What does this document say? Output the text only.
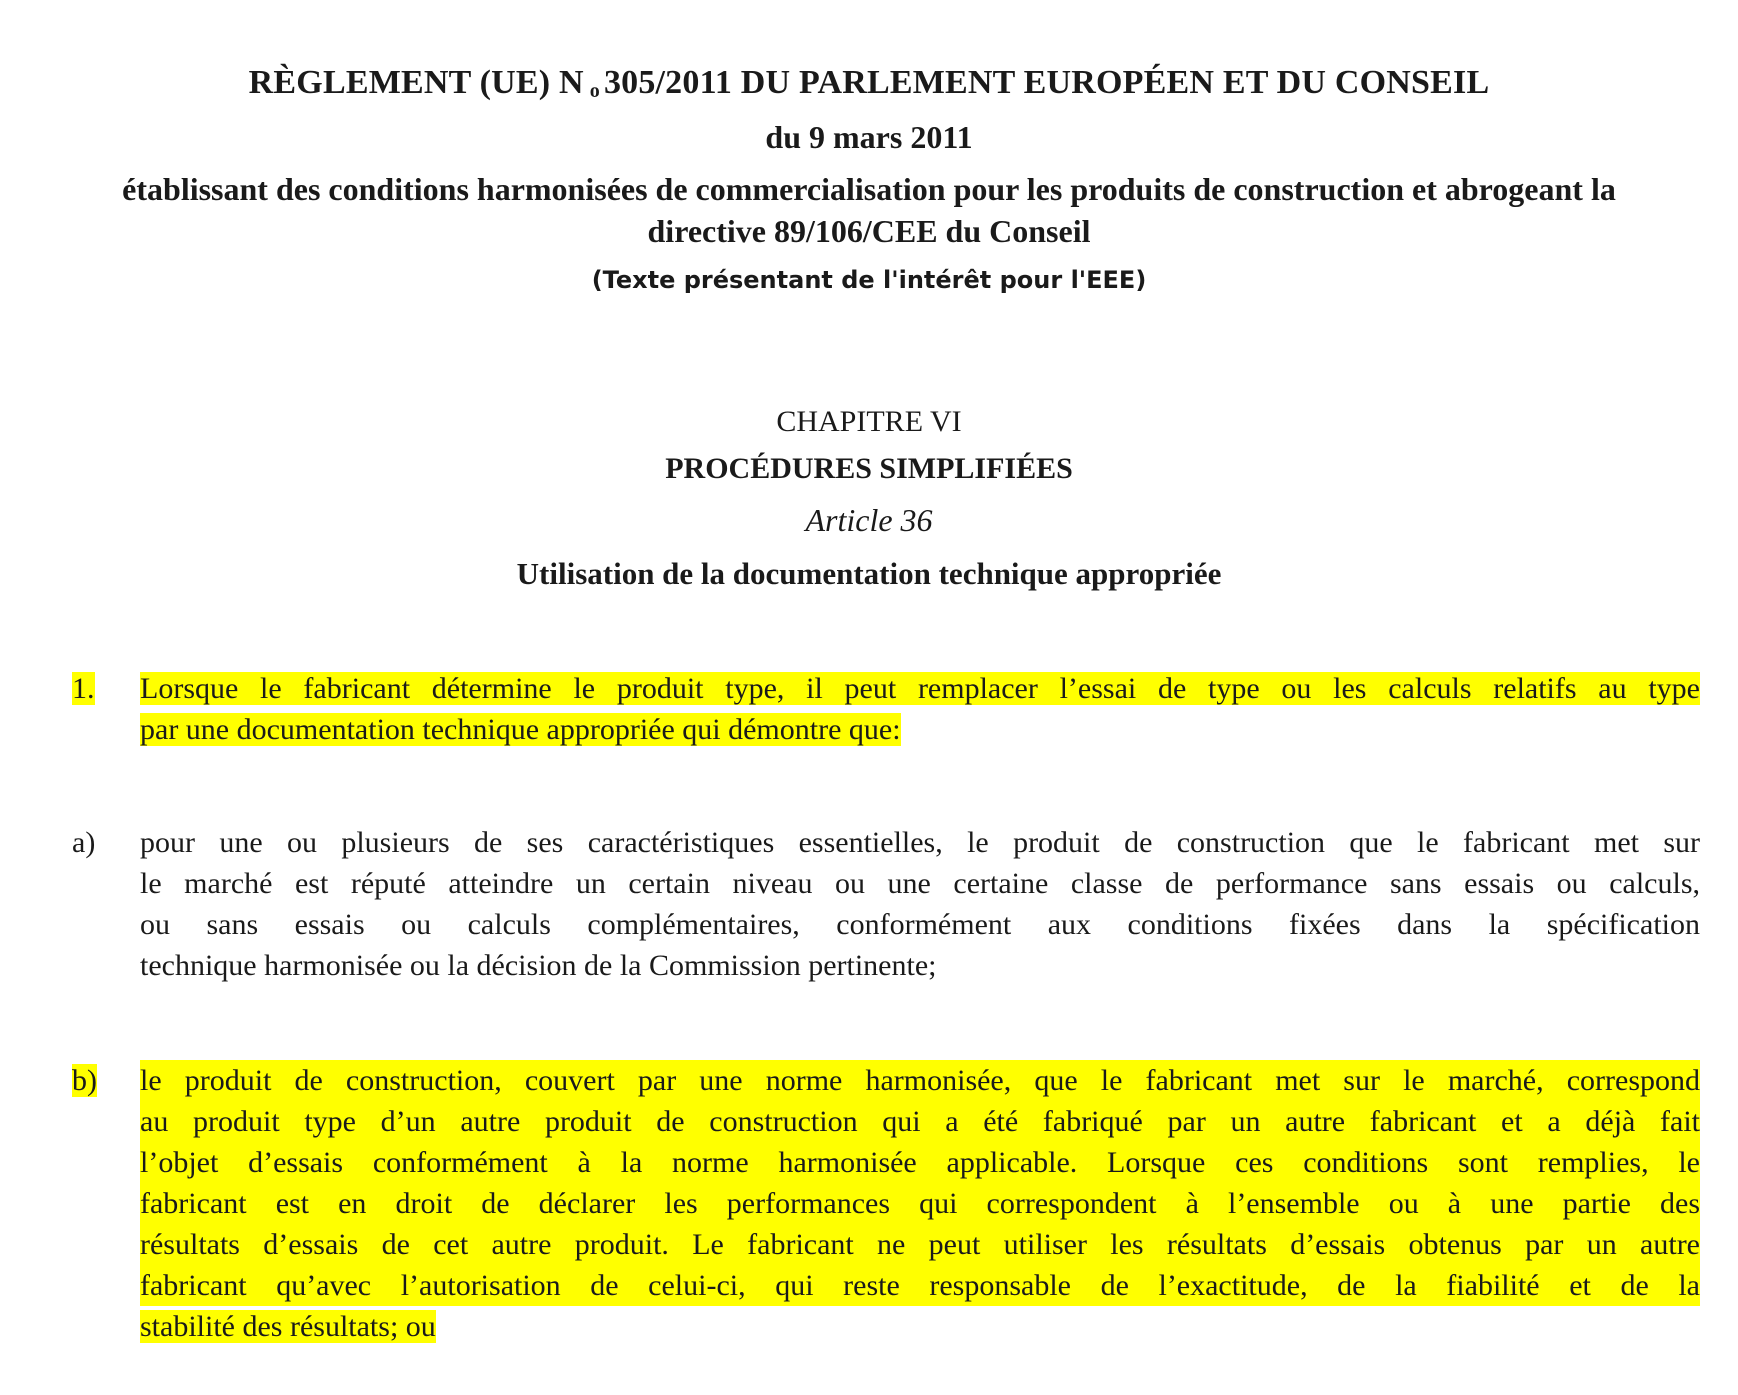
RÈGLEMENT (UE) N $_o$ 305/2011 DU PARLEMENT EUROPÉEN ET DU CONSEIL
du 9 mars 2011
établissant des conditions harmonisées de commercialisation pour les produits de construction et abrogeant la
directive 89/106/CEE du Conseil
(Texte présentant de l'intérêt pour l'EEE)
CHAPITRE VI
PROCÉDURES SIMPLIFIÉES
Article 36
Utilisation de la documentation technique appropriée
1.	Lorsque le fabricant détermine le produit type, il peut remplacer l’essai de type ou les calculs relatifs au type
par une documentation technique appropriée qui démontre que:
a)	pour une ou plusieurs de ses caractéristiques essentielles, le produit de construction que le fabricant met sur
le marché est réputé atteindre un certain niveau ou une certaine classe de performance sans essais ou calculs,
ou sans essais ou calculs complémentaires, conformément aux conditions fixées dans la spécification
technique harmonisée ou la décision de la Commission pertinente;
b)	le produit de construction, couvert par une norme harmonisée, que le fabricant met sur le marché, correspond
au produit type d’un autre produit de construction qui a été fabriqué par un autre fabricant et a déjà fait
l’objet d’essais conformément à la norme harmonisée applicable. Lorsque ces conditions sont remplies, le
fabricant est en droit de déclarer les performances qui correspondent à l’ensemble ou à une partie des
résultats d’essais de cet autre produit. Le fabricant ne peut utiliser les résultats d’essais obtenus par un autre
fabricant qu’avec l’autorisation de celui-ci, qui reste responsable de l’exactitude, de la fiabilité et de la
stabilité des résultats; ou
